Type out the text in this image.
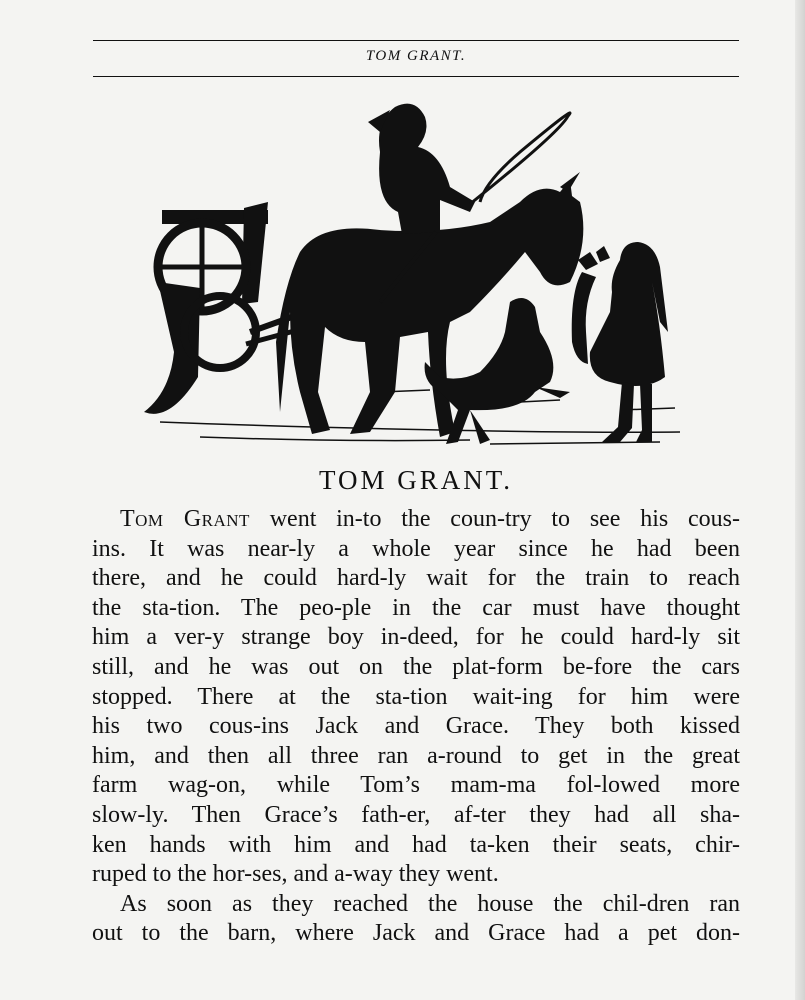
TOM GRANT.
TOM GRANT.
Tom Grant went in-to the coun-try to see his cous-
ins. It was near-ly a whole year since he had been
there, and he could hard-ly wait for the train to reach
the sta-tion. The peo-ple in the car must have thought
him a ver-y strange boy in-deed, for he could hard-ly sit
still, and he was out on the plat-form be-fore the cars
stopped. There at the sta-tion wait-ing for him were
his two cous-ins Jack and Grace. They both kissed
him, and then all three ran a-round to get in the great
farm wag-on, while Tom’s mam-ma fol-lowed more
slow-ly. Then Grace’s fath-er, af-ter they had all sha-
ken hands with him and had ta-ken their seats, chir-
ruped to the hor-ses, and a-way they went.
As soon as they reached the house the chil-dren ran
out to the barn, where Jack and Grace had a pet don-
